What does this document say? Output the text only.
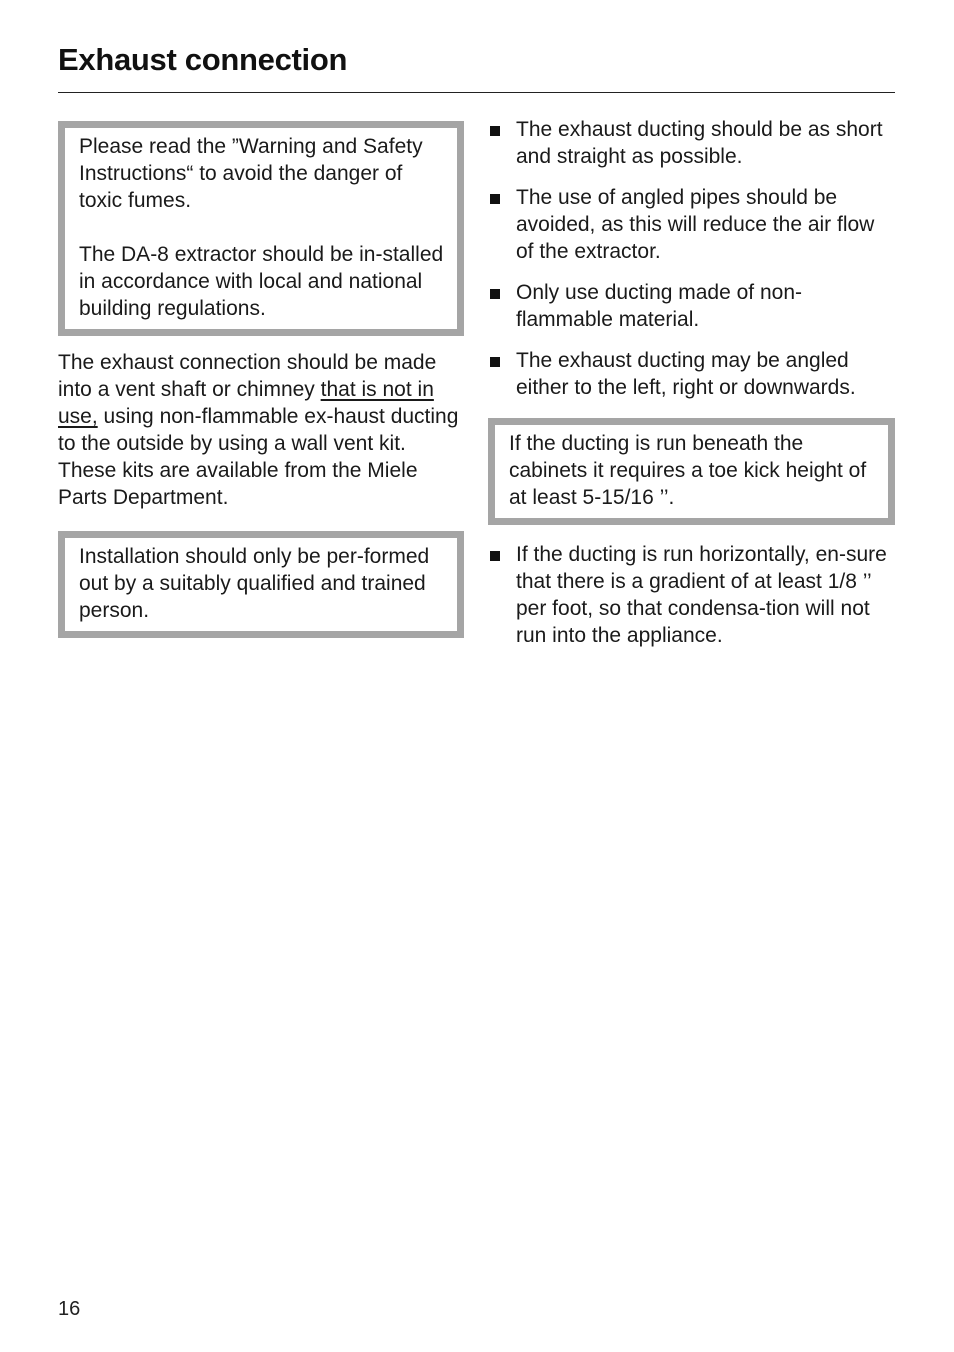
Exhaust connection

Please read the ”Warning and Safety Instructions“ to avoid the danger of toxic fumes.

The DA-8 extractor should be in-stalled in accordance with local and national building regulations.

The exhaust connection should be made into a vent shaft or chimney that is not in use, using non-flammable ex-haust ducting to the outside by using a wall vent kit. These kits are available from the Miele Parts Department.

Installation should only be per-formed out by a suitably qualified and trained person.

The exhaust ducting should be as short and straight as possible.
The use of angled pipes should be avoided, as this will reduce the air flow of the extractor.
Only use ducting made of non-flammable material.
The exhaust ducting may be angled either to the left, right or downwards.

If the ducting is run beneath the cabinets it requires a toe kick height of at least 5-15/16 ’’.

If the ducting is run horizontally, en-sure that there is a gradient of at least 1/8 ’’ per foot, so that condensa-tion will not run into the appliance.
16
